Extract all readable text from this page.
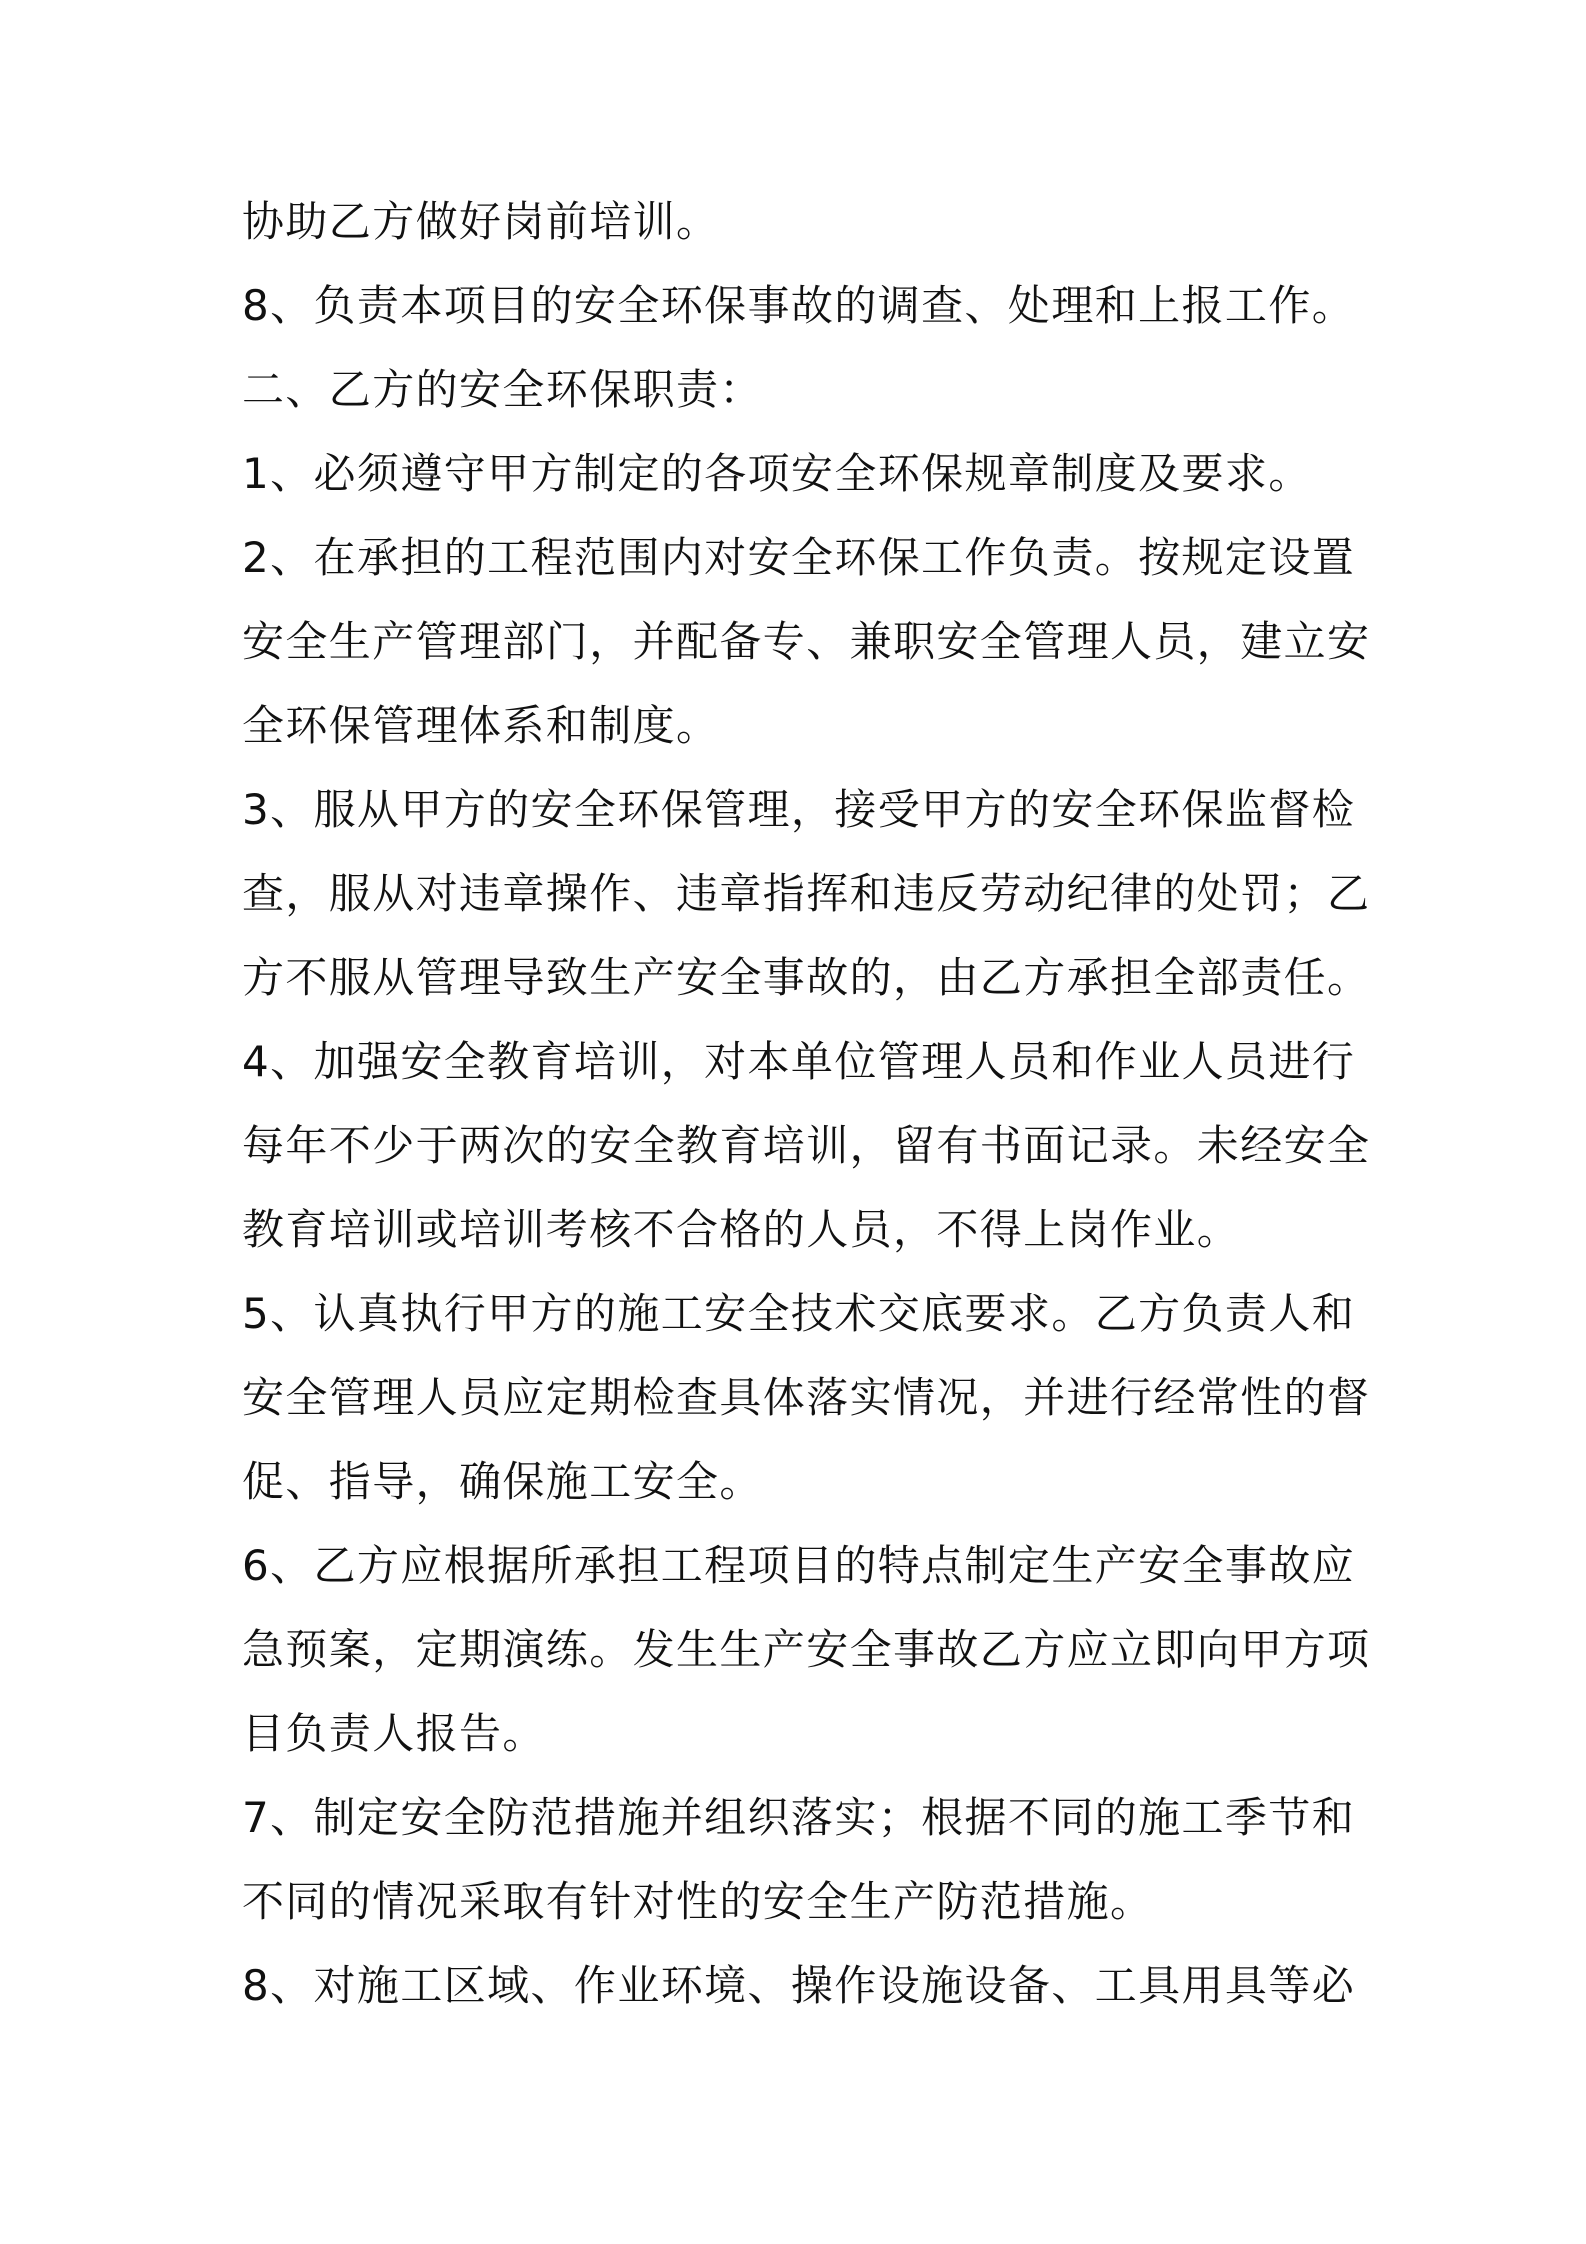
协助乙方做好岗前培训。
8、负责本项目的安全环保事故的调查、处理和上报工作。
二、乙方的安全环保职责：
1、必须遵守甲方制定的各项安全环保规章制度及要求。
2、在承担的工程范围内对安全环保工作负责。按规定设置
安全生产管理部门，并配备专、兼职安全管理人员，建立安
全环保管理体系和制度。
3、服从甲方的安全环保管理，接受甲方的安全环保监督检
查，服从对违章操作、违章指挥和违反劳动纪律的处罚；乙
方不服从管理导致生产安全事故的，由乙方承担全部责任。
4、加强安全教育培训，对本单位管理人员和作业人员进行
每年不少于两次的安全教育培训，留有书面记录。未经安全
教育培训或培训考核不合格的人员，不得上岗作业。
5、认真执行甲方的施工安全技术交底要求。乙方负责人和
安全管理人员应定期检查具体落实情况，并进行经常性的督
促、指导，确保施工安全。
6、乙方应根据所承担工程项目的特点制定生产安全事故应
急预案，定期演练。发生生产安全事故乙方应立即向甲方项
目负责人报告。
7、制定安全防范措施并组织落实；根据不同的施工季节和
不同的情况采取有针对性的安全生产防范措施。
8、对施工区域、作业环境、操作设施设备、工具用具等必
